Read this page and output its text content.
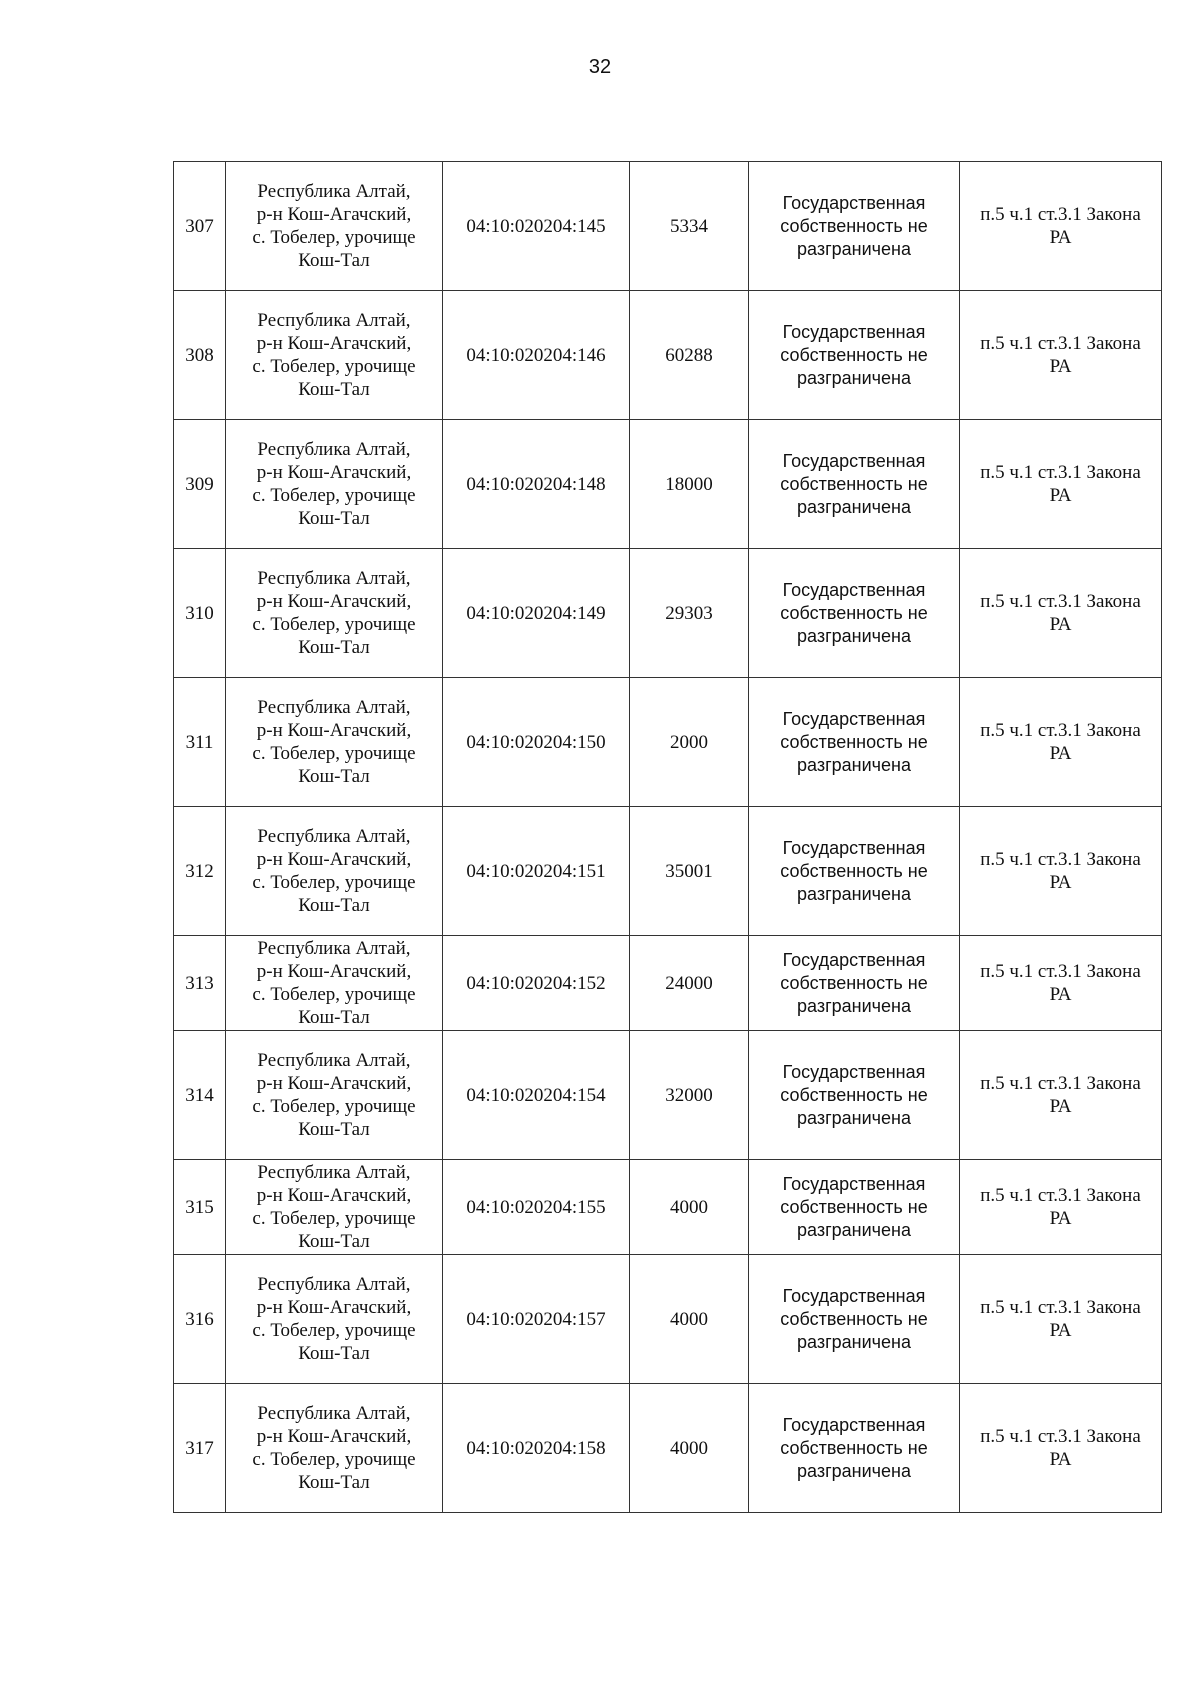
32
307	Республика Алтай,
р-н Кош-Агачский,
с. Тобелер, урочище
Кош-Тал	04:10:020204:145	5334	Государственная
собственность не
разграничена	п.5 ч.1 ст.3.1 Закона
РА

308	Республика Алтай,
р-н Кош-Агачский,
с. Тобелер, урочище
Кош-Тал	04:10:020204:146	60288	Государственная
собственность не
разграничена	п.5 ч.1 ст.3.1 Закона
РА

309	Республика Алтай,
р-н Кош-Агачский,
с. Тобелер, урочище
Кош-Тал	04:10:020204:148	18000	Государственная
собственность не
разграничена	п.5 ч.1 ст.3.1 Закона
РА

310	Республика Алтай,
р-н Кош-Агачский,
с. Тобелер, урочище
Кош-Тал	04:10:020204:149	29303	Государственная
собственность не
разграничена	п.5 ч.1 ст.3.1 Закона
РА

311	Республика Алтай,
р-н Кош-Агачский,
с. Тобелер, урочище
Кош-Тал	04:10:020204:150	2000	Государственная
собственность не
разграничена	п.5 ч.1 ст.3.1 Закона
РА

312	Республика Алтай,
р-н Кош-Агачский,
с. Тобелер, урочище
Кош-Тал	04:10:020204:151	35001	Государственная
собственность не
разграничена	п.5 ч.1 ст.3.1 Закона
РА

313	Республика Алтай,
р-н Кош-Агачский,
с. Тобелер, урочище
Кош-Тал	04:10:020204:152	24000	Государственная
собственность не
разграничена	п.5 ч.1 ст.3.1 Закона
РА

314	Республика Алтай,
р-н Кош-Агачский,
с. Тобелер, урочище
Кош-Тал	04:10:020204:154	32000	Государственная
собственность не
разграничена	п.5 ч.1 ст.3.1 Закона
РА

315	Республика Алтай,
р-н Кош-Агачский,
с. Тобелер, урочище
Кош-Тал	04:10:020204:155	4000	Государственная
собственность не
разграничена	п.5 ч.1 ст.3.1 Закона
РА

316	Республика Алтай,
р-н Кош-Агачский,
с. Тобелер, урочище
Кош-Тал	04:10:020204:157	4000	Государственная
собственность не
разграничена	п.5 ч.1 ст.3.1 Закона
РА

317	Республика Алтай,
р-н Кош-Агачский,
с. Тобелер, урочище
Кош-Тал	04:10:020204:158	4000	Государственная
собственность не
разграничена	п.5 ч.1 ст.3.1 Закона
РА
